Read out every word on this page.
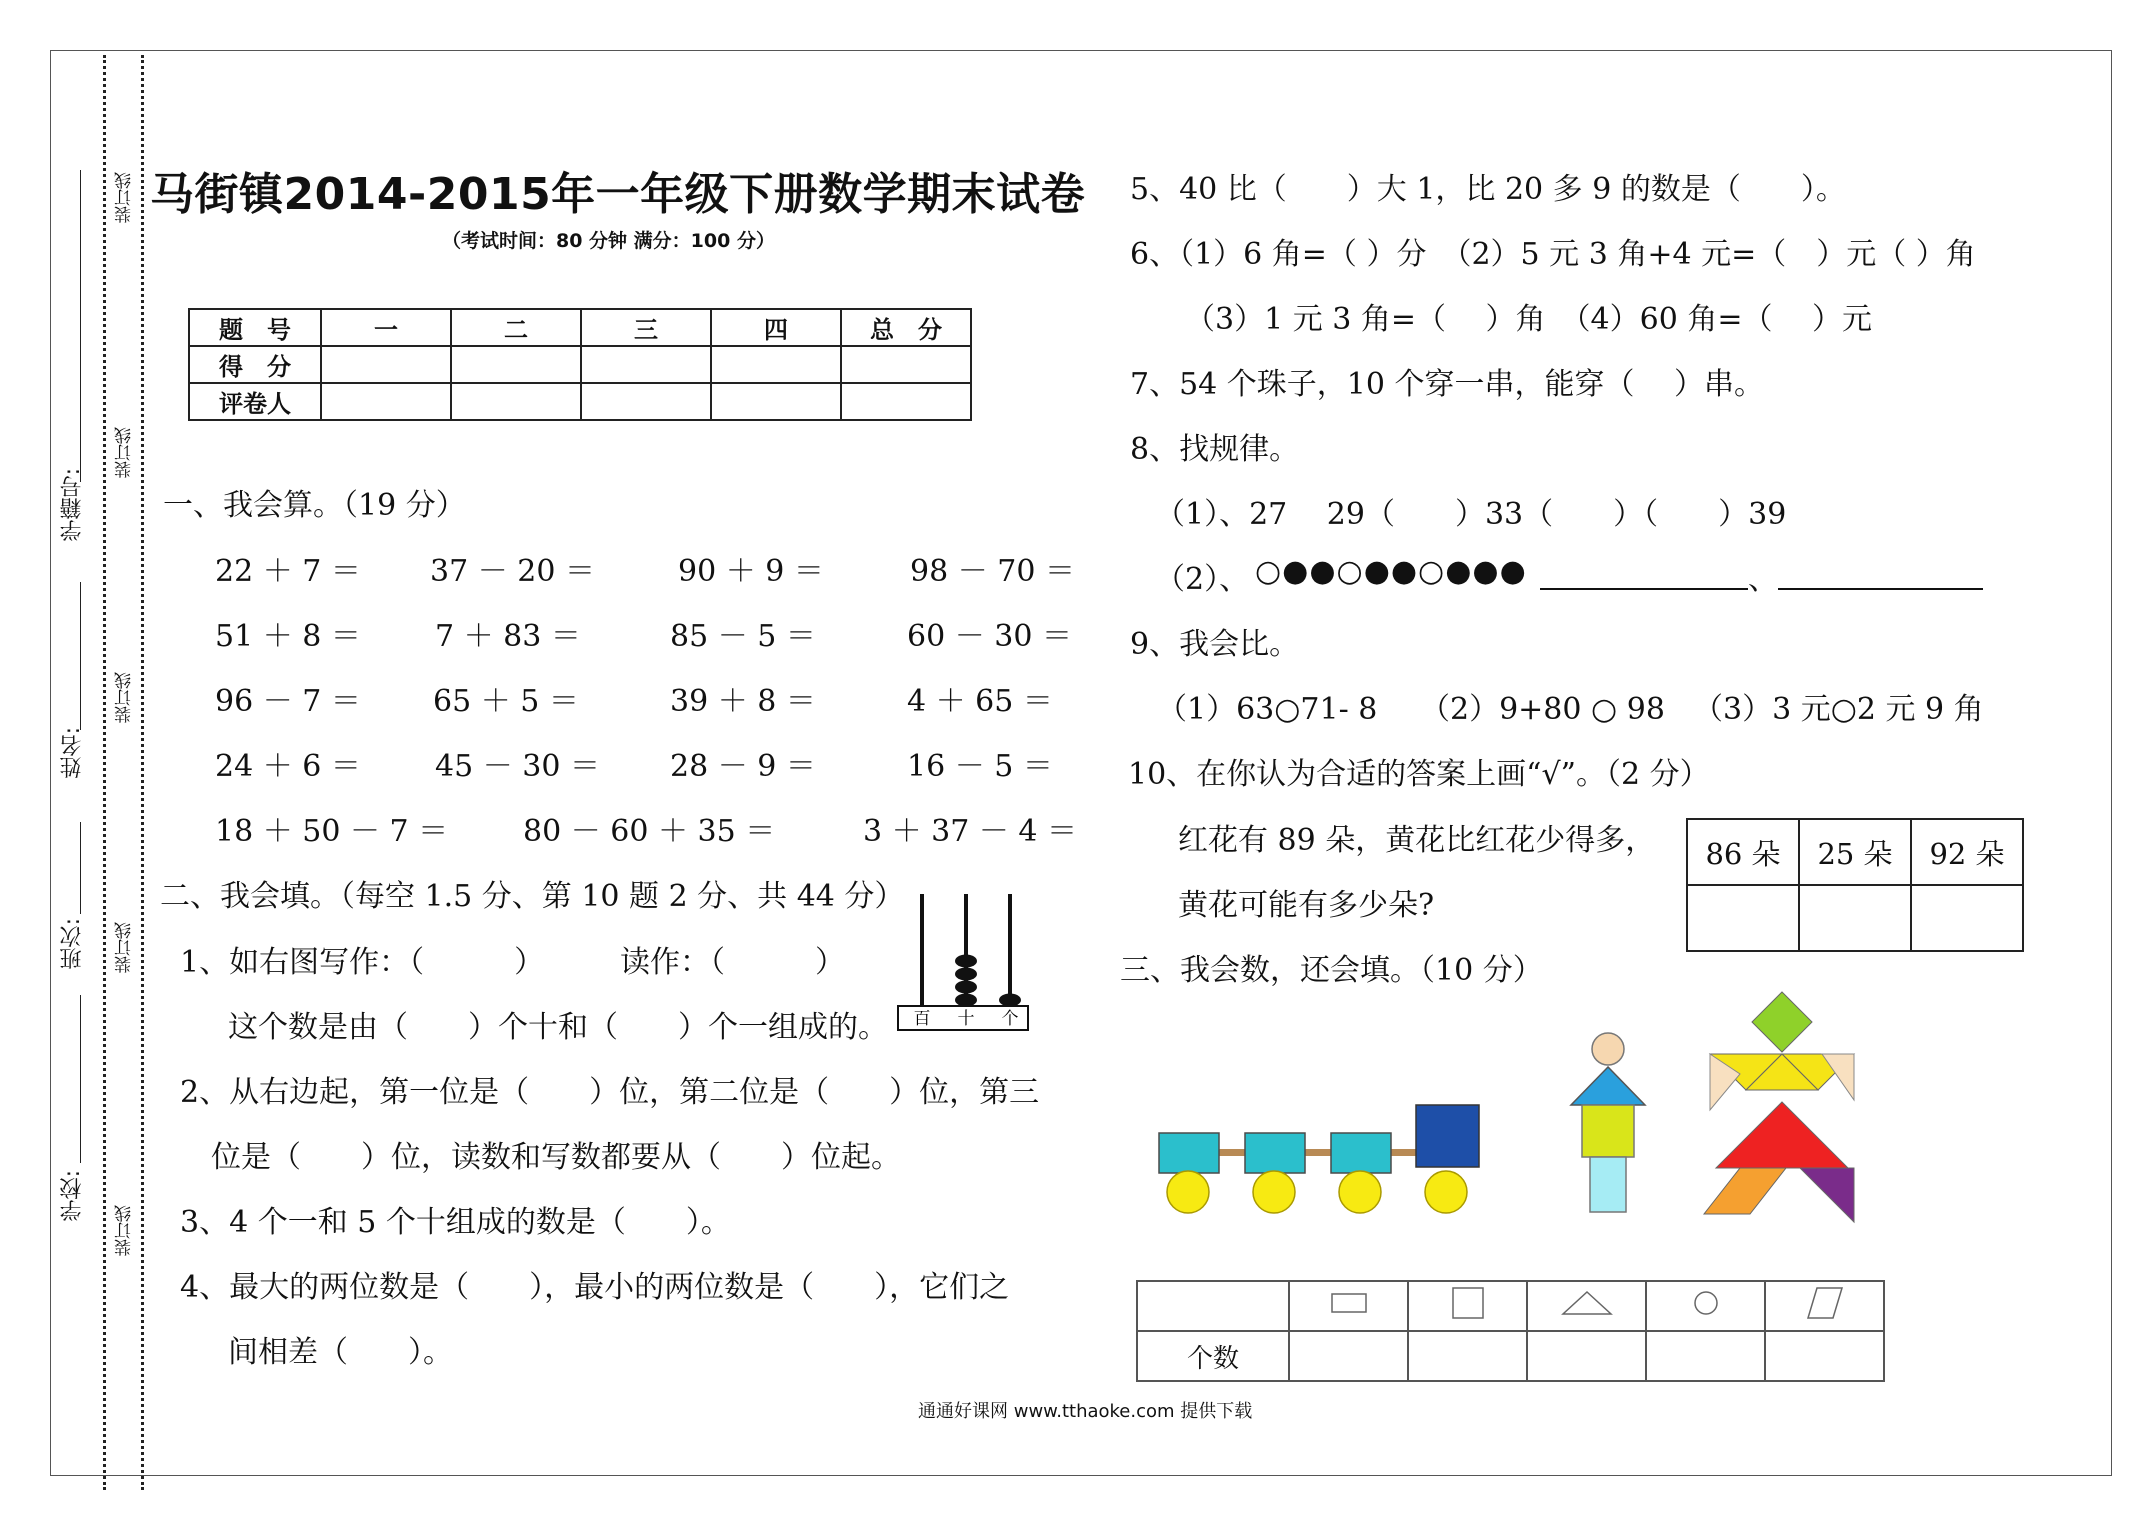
装订线
装订线
装订线
装订线
装订线
学籍号:
姓名:
班次:
学校:
马街镇2014-2015年一年级下册数学期末试卷
（考试时间：80 分钟 满分：100 分）
题　号	一	二	三	四	总　分
得　分					
评卷人					
一、我会算。（19 分）
22 ＋ 7 ＝ 37 － 20 ＝	90 ＋ 9 ＝	98 － 70 ＝
51 ＋ 8 ＝ 7 ＋ 83 ＝	85 － 5 ＝	60 － 30 ＝
96 － 7 ＝ 65 ＋ 5 ＝	39 ＋ 8 ＝	4 ＋ 65 ＝
24 ＋ 6 ＝ 45 － 30 ＝ 28 － 9 ＝	16 － 5 ＝
18 ＋ 50 － 7 ＝ 80 － 60 ＋ 35 ＝	3 ＋ 37 － 4 ＝
二、我会填。（每空 1.5 分、第 10 题 2 分、共 44 分）
1、如右图写作：（　　　）	读作：（　　　）
这个数是由（　　）个十和（　　）个一组成的。 百 十 个
2、从右边起，第一位是（　　）位，第二位是（　　）位，第三
位是（　　）位，读数和写数都要从（　　）位起。
3、4 个一和 5 个十组成的数是（　　）。
4、最大的两位数是（　　），最小的两位数是（　　），它们之
间相差（　　）。
5、40 比（　　）大 1，比 20 多 9 的数是（　　）。
6、（1）6 角=（ ）分　（2）5 元 3 角+4 元=（　）元（ ）角
（3）1 元 3 角=（　 ）角　（4）60 角=（　 ）元
7、54 个珠子，10 个穿一串，能穿（　 ）串。
8、找规律。
（1）、27　 29（　　）33（　　）（　　）39
（2）、 ○●●○●●○●●●	、
9、我会比。
（1）63○71- 8 （2）9+80 ○ 98 （3）3 元○2 元 9 角
10、在你认为合适的答案上画“√”。（2 分）
红花有 89 朵，黄花比红花少得多，
黄花可能有多少朵?
86 朵	25 朵	92 朵

三、我会数，还会填。（10 分）

个数					
通通好课网 www.tthaoke.com 提供下载
